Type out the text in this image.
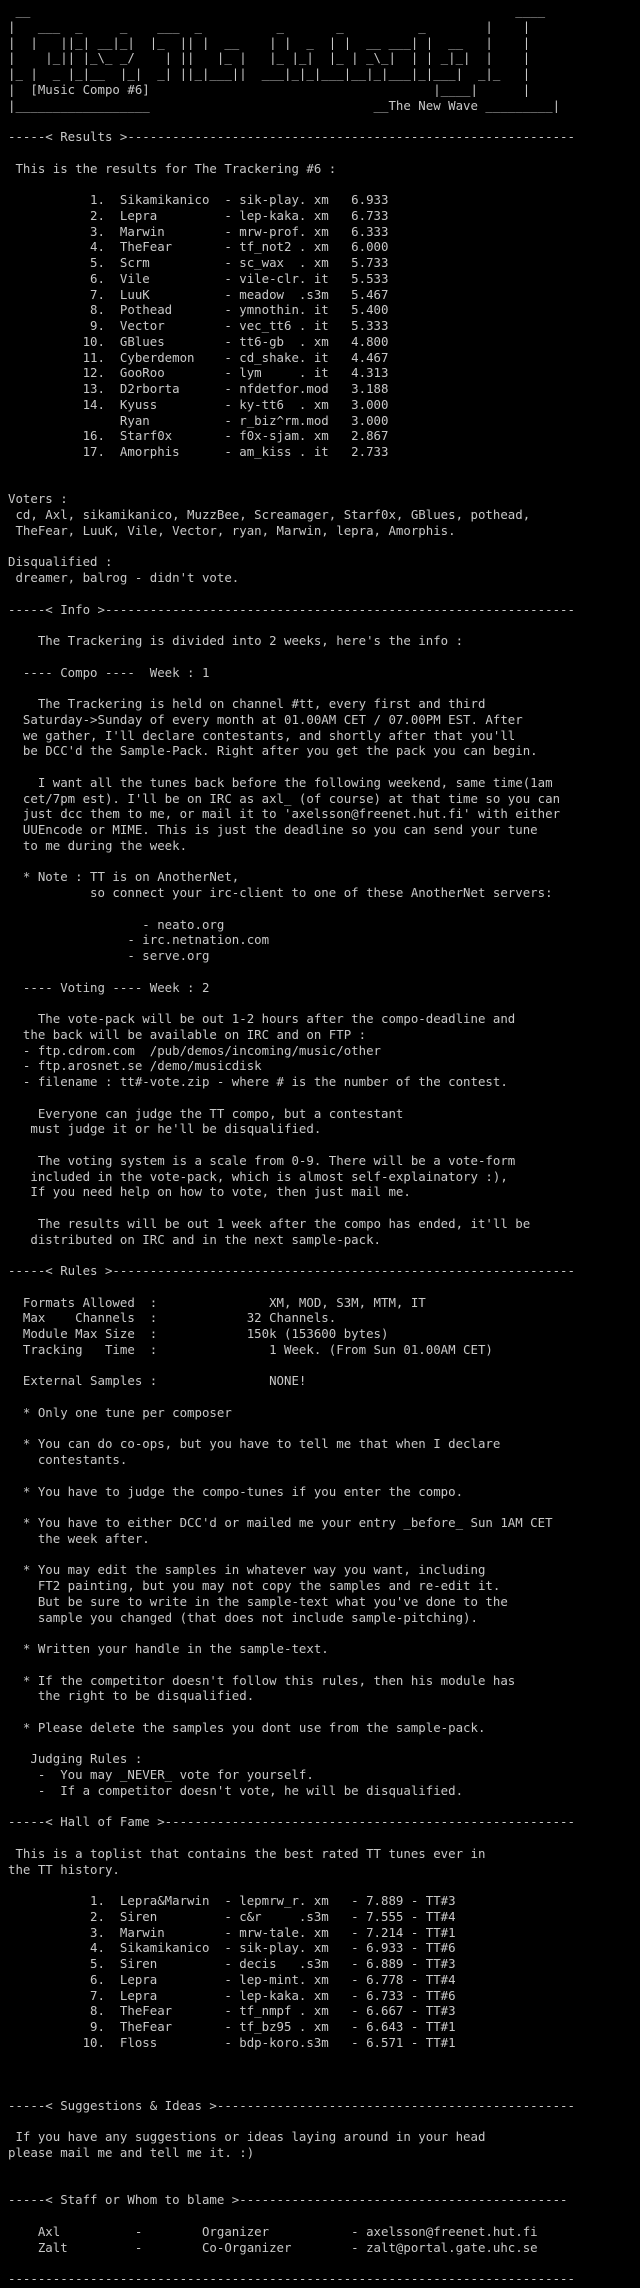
__                                                                 ____
|   ___  _     _    ___  _          _       _          _        |    |
|  |   ||_| __|_|  |_  || |  __    | |  _  | |  __ ___| |  __   |    |
|    |_|| |_\_ _/    | ||   |_ |   |_ |_|  |_ | _\_|  | | _|_|  |    |
|_ |  _ |_|__  |_|  _| ||_|___||  ___|_|_|___|__|_|___|_|___|  _|_   |
|  [Music Compo #6]                                      |____|      |
|__________________                              __The New Wave _________|
-----< Results >------------------------------------------------------------
This is the results for The Trackering #6 :
1.  Sikamikanico  - sik-play. xm   6.933
2.  Lepra         - lep-kaka. xm   6.733
3.  Marwin        - mrw-prof. xm   6.333
4.  TheFear       - tf_not2 . xm   6.000
5.  Scrm          - sc_wax  . xm   5.733
6.  Vile          - vile-clr. it   5.533
7.  LuuK          - meadow  .s3m   5.467
8.  Pothead       - ymnothin. it   5.400
9.  Vector        - vec_tt6 . it   5.333
10.  GBlues        - tt6-gb  . xm   4.800
11.  Cyberdemon    - cd_shake. it   4.467
12.  GooRoo        - lym     . it   4.313
13.  D2rborta      - nfdetfor.mod   3.188
14.  Kyuss         - ky-tt6  . xm   3.000
Ryan          - r_biz^rm.mod   3.000
16.  Starf0x       - f0x-sjam. xm   2.867
17.  Amorphis      - am_kiss . it   2.733
Voters :
cd, Axl, sikamikanico, MuzzBee, Screamager, Starf0x, GBlues, pothead,
TheFear, LuuK, Vile, Vector, ryan, Marwin, lepra, Amorphis.
Disqualified :
dreamer, balrog - didn't vote.
-----< Info >---------------------------------------------------------------
The Trackering is divided into 2 weeks, here's the info :
---- Compo ----  Week : 1
The Trackering is held on channel #tt, every first and third
Saturday->Sunday of every month at 01.00AM CET / 07.00PM EST. After
we gather, I'll declare contestants, and shortly after that you'll
be DCC'd the Sample-Pack. Right after you get the pack you can begin.
I want all the tunes back before the following weekend, same time(1am
cet/7pm est). I'll be on IRC as axl_ (of course) at that time so you can
just dcc them to me, or mail it to 'axelsson@freenet.hut.fi' with either
UUEncode or MIME. This is just the deadline so you can send your tune
to me during the week.
* Note : TT is on AnotherNet,
so connect your irc-client to one of these AnotherNet servers:
- neato.org
- irc.netnation.com
- serve.org
---- Voting ---- Week : 2
The vote-pack will be out 1-2 hours after the compo-deadline and
the back will be available on IRC and on FTP :
- ftp.cdrom.com  /pub/demos/incoming/music/other
- ftp.arosnet.se /demo/musicdisk
- filename : tt#-vote.zip - where # is the number of the contest.
Everyone can judge the TT compo, but a contestant
must judge it or he'll be disqualified.
The voting system is a scale from 0-9. There will be a vote-form
included in the vote-pack, which is almost self-explainatory :),
If you need help on how to vote, then just mail me.
The results will be out 1 week after the compo has ended, it'll be
distributed on IRC and in the next sample-pack.
-----< Rules >--------------------------------------------------------------
Formats Allowed  :               XM, MOD, S3M, MTM, IT
Max    Channels  :            32 Channels.
Module Max Size  :            150k (153600 bytes)
Tracking   Time  :               1 Week. (From Sun 01.00AM CET)
External Samples :               NONE!
* Only one tune per composer
* You can do co-ops, but you have to tell me that when I declare
contestants.
* You have to judge the compo-tunes if you enter the compo.
* You have to either DCC'd or mailed me your entry _before_ Sun 1AM CET
the week after.
* You may edit the samples in whatever way you want, including
FT2 painting, but you may not copy the samples and re-edit it.
But be sure to write in the sample-text what you've done to the
sample you changed (that does not include sample-pitching).
* Written your handle in the sample-text.
* If the competitor doesn't follow this rules, then his module has
the right to be disqualified.
* Please delete the samples you dont use from the sample-pack.
Judging Rules :
-  You may _NEVER_ vote for yourself.
-  If a competitor doesn't vote, he will be disqualified.
-----< Hall of Fame >-------------------------------------------------------
This is a toplist that contains the best rated TT tunes ever in
the TT history.
1.  Lepra&Marwin  - lepmrw_r. xm   - 7.889 - TT#3
2.  Siren         - c&r     .s3m   - 7.555 - TT#4
3.  Marwin        - mrw-tale. xm   - 7.214 - TT#1
4.  Sikamikanico  - sik-play. xm   - 6.933 - TT#6
5.  Siren         - decis   .s3m   - 6.889 - TT#3
6.  Lepra         - lep-mint. xm   - 6.778 - TT#4
7.  Lepra         - lep-kaka. xm   - 6.733 - TT#6
8.  TheFear       - tf_nmpf . xm   - 6.667 - TT#3
9.  TheFear       - tf_bz95 . xm   - 6.643 - TT#1
10.  Floss         - bdp-koro.s3m   - 6.571 - TT#1
-----< Suggestions & Ideas >------------------------------------------------
If you have any suggestions or ideas laying around in your head
please mail me and tell me it. :)
-----< Staff or Whom to blame >--------------------------------------------
Axl          -        Organizer           - axelsson@freenet.hut.fi
Zalt         -        Co-Organizer        - zalt@portal.gate.uhc.se
----------------------------------------------------------------------------
